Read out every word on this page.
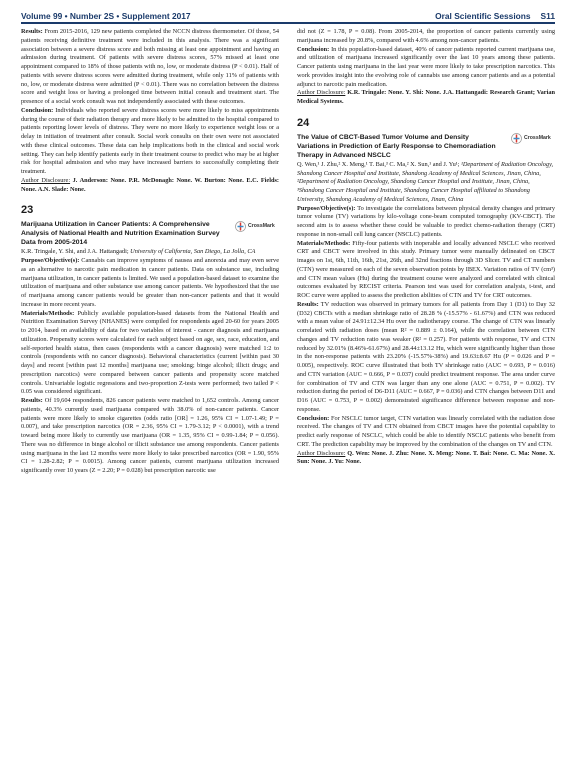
Volume 99 • Number 2S • Supplement 2017	Oral Scientific Sessions S11

Results: From 2015-2016, 129 new patients completed the NCCN distress thermometer. Of those, 54 patients receiving definitive treatment were included in this analysis. There was a significant association between a severe distress score and both missing at least one appointment and having an admission during treatment. Of patients with severe distress scores, 57% missed at least one appointment compared to 18% of those patients with no, low, or moderate distress (P < 0.01). Half of patients with severe distress scores were admitted during treatment, while only 11% of patients with no, low, or moderate distress were admitted (P < 0.01). There was no correlation between the distress score and weight loss or having a prolonged time between initial consult and treatment start. The presence of a social work consult was not independently associated with these outcomes.

Conclusion: Individuals who reported severe distress scores were more likely to miss appointments during the course of their radiation therapy and more likely to be admitted to the hospital compared to patients reporting lower levels of distress. They were no more likely to experience weight loss or a delay in initiation of treatment after consult. Social work consults on their own were not associated with these clinical outcomes. These data can help implications both in the clinical and social work setting. They can help identify patients early in their treatment course to predict who may be at higher risk for hospital admission and who may have increased barriers to successfully completing their treatment.

Author Disclosure: J. Anderson: None. P.R. McDonagh: None. W. Burton: None. E.C. Fields: None. A.N. Slade: None.

23
Marijuana Utilization in Cancer Patients: A Comprehensive Analysis of National Health and Nutrition Examination Survey Data from 2005-2014
CrossMark
K.R. Tringale, Y. Shi, and J.A. Hattangadi; University of California, San Diego, La Jolla, CA

Purpose/Objective(s): Cannabis can improve symptoms of nausea and anorexia and may even serve as an alternative to narcotic pain medication in cancer patients. Data on substance use, including marijuana utilization, in cancer patients is limited. We used a population-based dataset to examine the utilization of marijuana and other substance use among cancer patients. We hypothesized that the use of marijuana among cancer patients would be greater than non-cancer patients and that it would increase in more recent years.

Materials/Methods: Publicly available population-based datasets from the National Health and Nutrition Examination Survey (NHANES) were compiled for respondents aged 20-60 for years 2005 to 2014, based on availability of data for two variables of interest - cancer diagnosis and marijuana utilization. Propensity scores were calculated for each subject based on age, sex, race, education, and self-reported health status, then cases (respondents with a cancer diagnosis) were matched 1:2 to controls (respondents with no cancer diagnosis). Behavioral characteristics (current [within past 30 days] and recent [within past 12 months] marijuana use; smoking; binge alcohol; illicit drugs; and prescription narcotics) were compared between cancer patients and propensity score matched controls. Univariable logistic regressions and two-proportion Z-tests were performed; two tailed P < 0.05 was considered significant.

Results: Of 19,604 respondents, 826 cancer patients were matched to 1,652 controls. Among cancer patients, 40.3% currently used marijuana compared with 38.0% of non-cancer patients. Cancer patients were more likely to smoke cigarettes (odds ratio [OR] = 1.26, 95% CI = 1.07-1.49; P = 0.007), and take prescription narcotics (OR = 2.36, 95% CI = 1.79-3.12; P < 0.0001), with a trend toward being more likely to currently use marijuana (OR = 1.35, 95% CI = 0.99-1.84; P = 0.056). There was no difference in binge alcohol or illicit substance use among respondents. Cancer patients using marijuana in the last 12 months were more likely to take prescribed narcotics (OR = 1.90, 95% CI = 1.28-2.82; P = 0.0015). Among cancer patients, current marijuana utilization increased significantly over 10 years (Z = 2.20; P = 0.028) but prescription narcotic use

did not (Z = 1.78, P = 0.08). From 2005-2014, the proportion of cancer patients currently using marijuana increased by 20.8%, compared with 4.6% among non-cancer patients.

Conclusion: In this population-based dataset, 40% of cancer patients reported current marijuana use, and utilization of marijuana increased significantly over the last 10 years among these patients. Cancer patients using marijuana in the last year were more likely to take prescription narcotics. This work provides insight into the evolving role of cannabis use among cancer patients and as a potential adjunct to narcotic pain medication.

Author Disclosure: K.R. Tringale: None. Y. Shi: None. J.A. Hattangadi: Research Grant; Varian Medical Systems.

24
The Value of CBCT-Based Tumor Volume and Density Variations in Prediction of Early Response to Chemoradiation Therapy in Advanced NSCLC
CrossMark
Q. Wen,¹ J. Zhu,² X. Meng,¹ T. Bai,³ C. Ma,² X. Sun,¹ and J. Yu¹; ¹Department of Radiation Oncology, Shandong Cancer Hospital and Institute, Shandong Academy of Medical Sciences, Jinan, China, ²Department of Radiation Oncology, Shandong Cancer Hospital and Institute, Jinan, China, ³Shandong Cancer Hospital and Institute, Shandong Cancer Hospital affiliated to Shandong University, Shandong Academy of Medical Sciences, Jinan, China

Purpose/Objective(s): To investigate the correlations between physical density changes and primary tumor volume (TV) variations by kilo-voltage cone-beam computed tomography (KV-CBCT). The second aim is to assess whether these could be valuable to predict chemo-radiation therapy (CRT) response in non-small cell lung cancer (NSCLC) patients.

Materials/Methods: Fifty-four patients with inoperable and locally advanced NSCLC who received CRT and CBCT were involved in this study. Primary tumor were manually delineated on CBCT images on 1st, 6th, 11th, 16th, 21st, 26th, and 32nd fractions through 3D Slicer. TV and CT numbers (CTN) were measured on each of the seven observation points by IBEX. Variation ratios of TV (cm³) and CTN mean values (Hu) during the treatment course were analyzed and correlated with clinical outcomes evaluated by RECIST criteria. Pearson test was used for correlation analysis, t-test, and ROC curve were applied to assess the prediction abilities of CTN and TV for CRT outcomes.

Results: TV reduction was observed in primary tumors for all patients from Day 1 (D1) to Day 32 (D32) CBCTs with a median shrinkage ratio of 28.28 % (-15.57% - 61.67%) and CTN was reduced with a mean value of 24.91±12.34 Hu over the radiotherapy course. The change of CTN was linearly correlated with radiation doses (mean R² = 0.889 ± 0.164), while the correlation between CTN changes and TV reduction ratio was weaker (R² = 0.257). For patients with response, TV and CTN reduced by 32.01% (8.46%-61.67%) and 28.44±13.12 Hu, which were significantly higher than those in the non-response patients with 23.20% (-15.57%-38%) and 19.63±8.67 Hu (P = 0.026 and P = 0.005), respectively. ROC curve illustrated that both TV shrinkage ratio (AUC = 0.693, P = 0.016) and CTN variation (AUC = 0.666, P = 0.037) could predict treatment response. The area under curve for combination of TV and CTN was larger than any one alone (AUC = 0.751, P = 0.002). TV reduction during the period of D6-D11 (AUC = 0.667, P = 0.036) and CTN changes between D11 and D16 (AUC = 0.753, P = 0.002) demonstrated significance difference between response and non-response.

Conclusion: For NSCLC tumor target, CTN variation was linearly correlated with the radiation dose received. The changes of TV and CTN obtained from CBCT images have the potential capability to predict early response of NSCLC, which could be able to identify NSCLC patients who benefit from CRT. The prediction capability may be improved by the combination of the changes on TV and CTN.

Author Disclosure: Q. Wen: None. J. Zhu: None. X. Meng: None. T. Bai: None. C. Ma: None. X. Sun: None. J. Yu: None.
